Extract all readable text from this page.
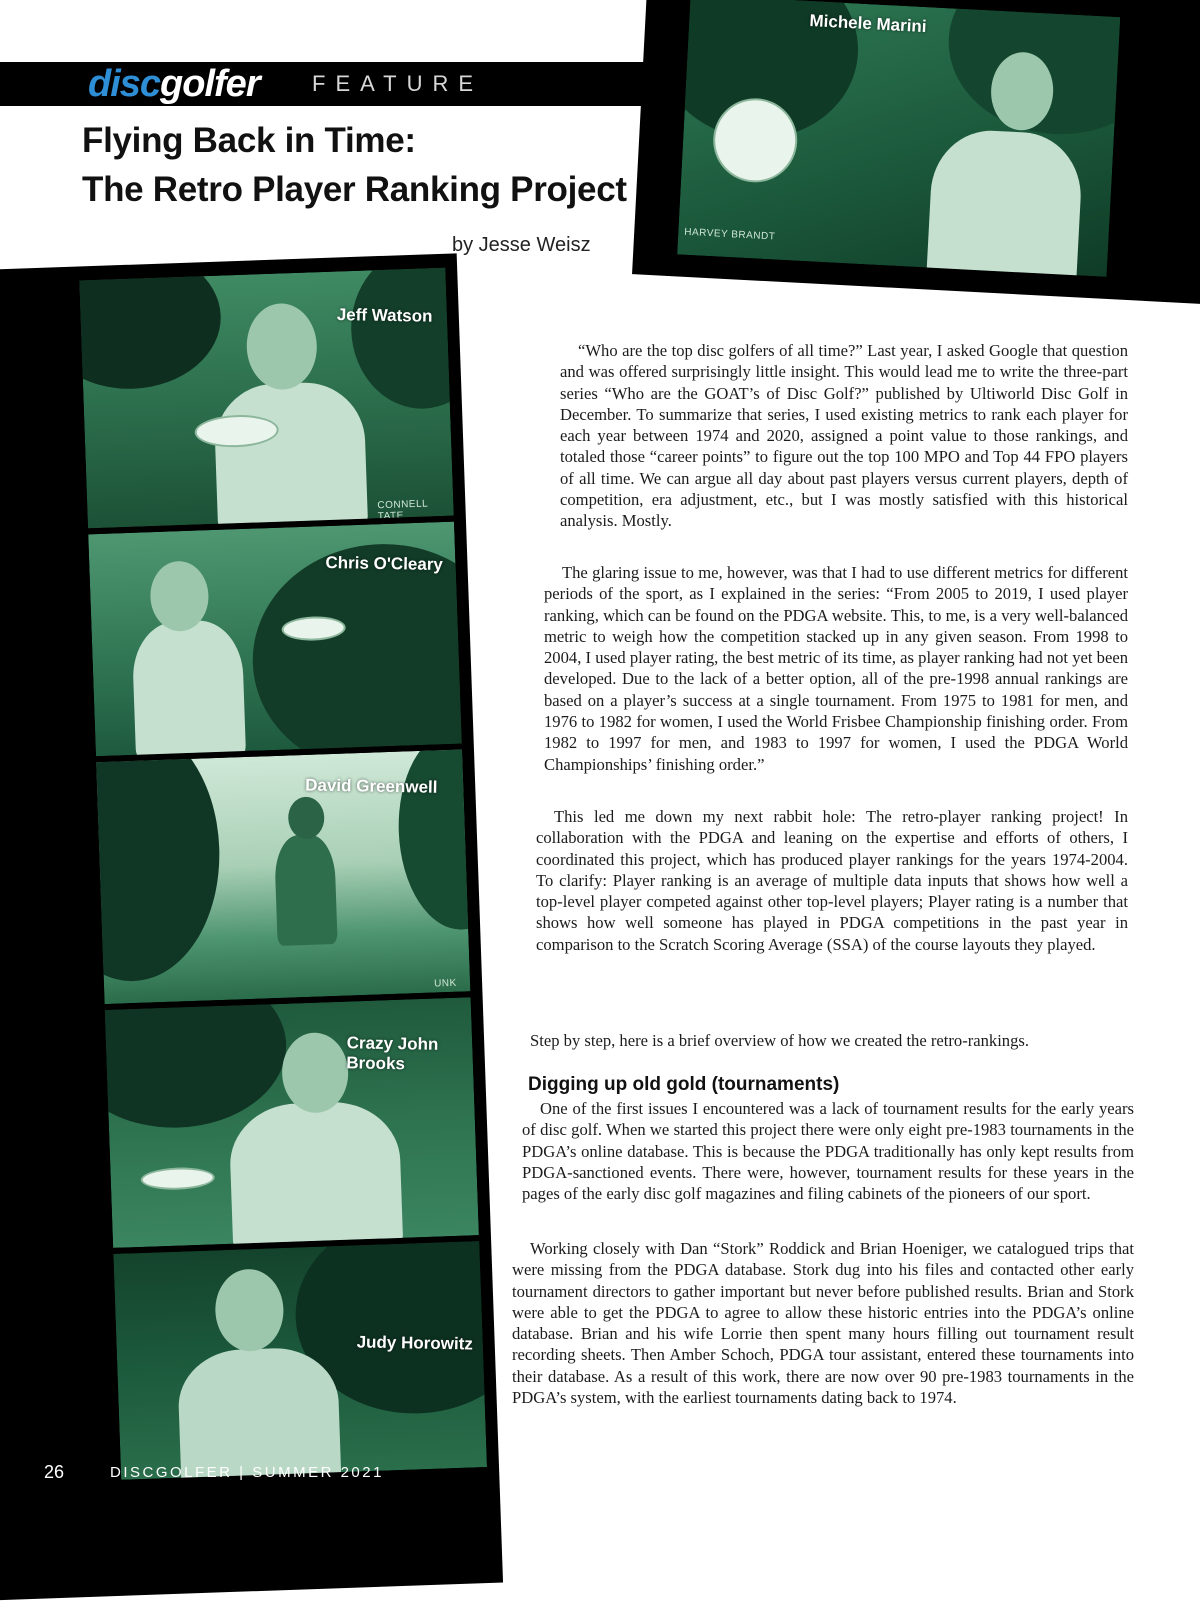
discgolfer FEATURE
Flying Back in Time:
The Retro Player Ranking Project
by Jesse Weisz
Michele Marini
HARVEY BRANDT
Jeff Watson
CONNELL TATE
Chris O'Cleary
David Greenwell
UNK
Crazy John
Brooks
Judy Horowitz

“Who are the top disc golfers of all time?” Last year, I asked Google that question and was offered surprisingly little insight. This would lead me to write the three-part series “Who are the GOAT’s of Disc Golf?” published by Ultiworld Disc Golf in December. To summarize that series, I used existing metrics to rank each player for each year between 1974 and 2020, assigned a point value to those rankings, and totaled those “career points” to figure out the top 100 MPO and Top 44 FPO players of all time. We can argue all day about past players versus current players, depth of competition, era adjustment, etc., but I was mostly satisfied with this historical analysis. Mostly.

The glaring issue to me, however, was that I had to use different metrics for different periods of the sport, as I explained in the series: “From 2005 to 2019, I used player ranking, which can be found on the PDGA website. This, to me, is a very well-balanced metric to weigh how the competition stacked up in any given season. From 1998 to 2004, I used player rating, the best metric of its time, as player ranking had not yet been developed. Due to the lack of a better option, all of the pre-1998 annual rankings are based on a player’s success at a single tournament. From 1975 to 1981 for men, and 1976 to 1982 for women, I used the World Frisbee Championship finishing order. From 1982 to 1997 for men, and 1983 to 1997 for women, I used the PDGA World Championships’ finishing order.”

This led me down my next rabbit hole: The retro-player ranking project! In collaboration with the PDGA and leaning on the expertise and efforts of others, I coordinated this project, which has produced player rankings for the years 1974-2004. To clarify: Player ranking is an average of multiple data inputs that shows how well a top-level player competed against other top-level players; Player rating is a number that shows how well someone has played in PDGA competitions in the past year in comparison to the Scratch Scoring Average (SSA) of the course layouts they played.

Step by step, here is a brief overview of how we created the retro-rankings.

Digging up old gold (tournaments)

One of the first issues I encountered was a lack of tournament results for the early years of disc golf. When we started this project there were only eight pre-1983 tournaments in the PDGA’s online database. This is because the PDGA traditionally has only kept results from PDGA-sanctioned events. There were, however, tournament results for these years in the pages of the early disc golf magazines and filing cabinets of the pioneers of our sport.

Working closely with Dan “Stork” Roddick and Brian Hoeniger, we catalogued trips that were missing from the PDGA database. Stork dug into his files and contacted other early tournament directors to gather important but never before published results. Brian and Stork were able to get the PDGA to agree to allow these historic entries into the PDGA’s online database. Brian and his wife Lorrie then spent many hours filling out tournament result recording sheets. Then Amber Schoch, PDGA tour assistant, entered these tournaments into their database. As a result of this work, there are now over 90 pre-1983 tournaments in the PDGA’s system, with the earliest tournaments dating back to 1974.

26	DISCGOLFER | SUMMER 2021
